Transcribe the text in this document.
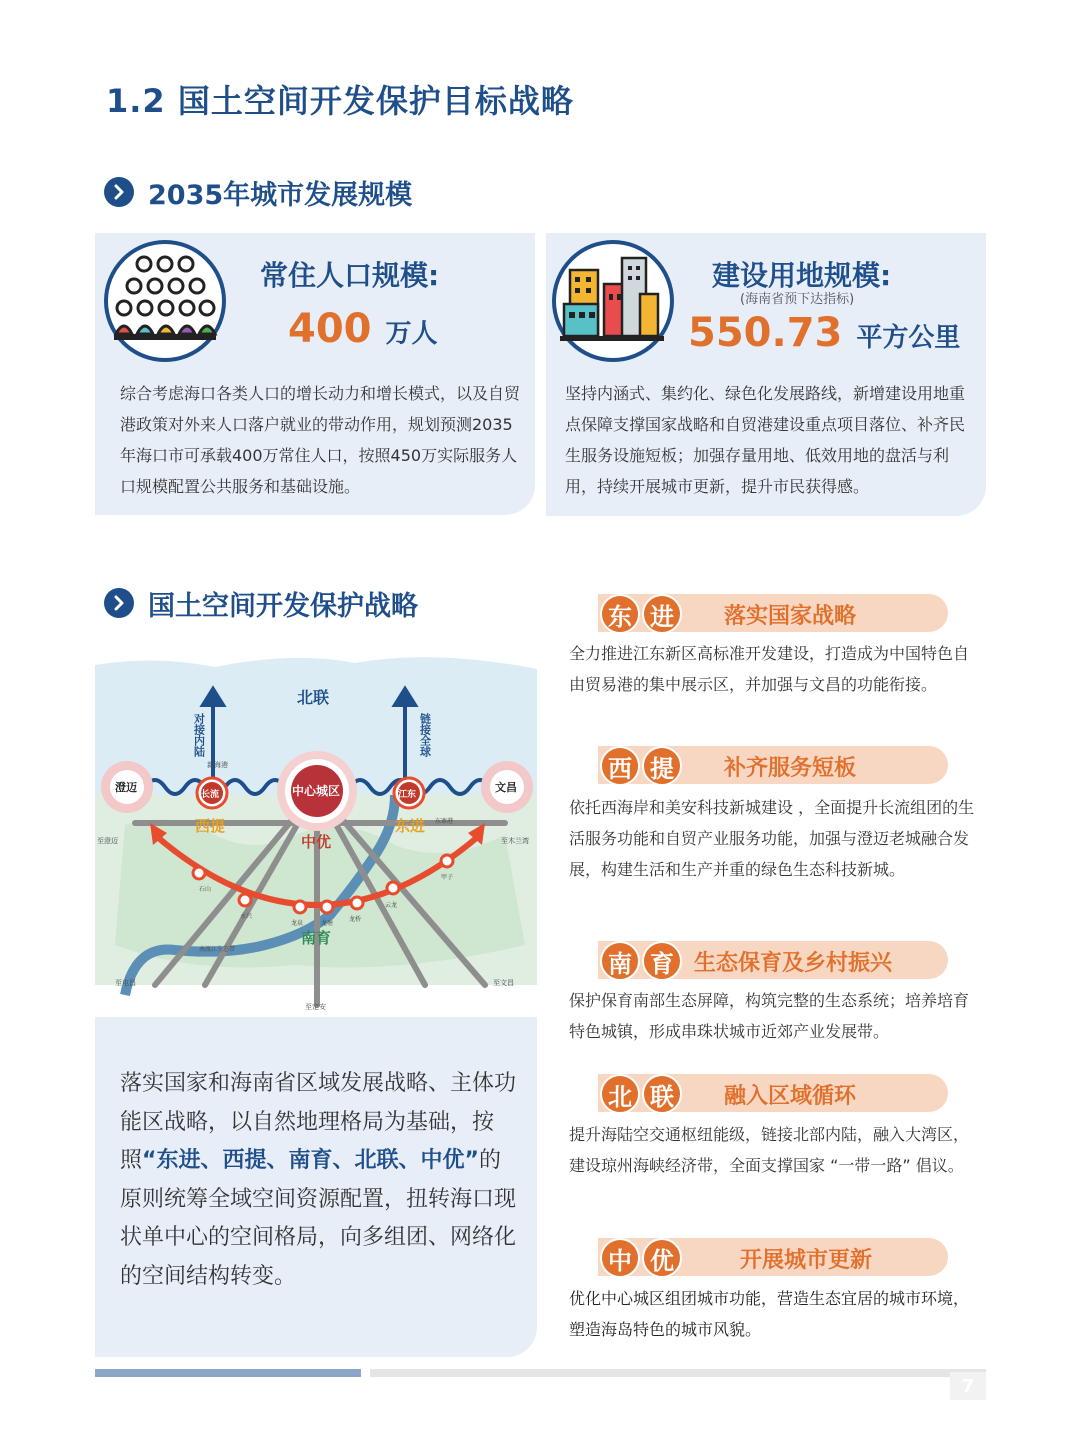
1.2 国土空间开发保护目标战略
2035年城市发展规模
常住人口规模:
400 万人
综合考虑海口各类人口的增长动力和增长模式，以及自贸港政策对外来人口落户就业的带动作用，规划预测2035年海口市可承载400万常住人口，按照450万实际服务人口规模配置公共服务和基础设施。
建设用地规模:
(海南省预下达指标)
550.73 平方公里
坚持内涵式、集约化、绿色化发展路线，新增建设用地重点保障支撑国家战略和自贸港建设重点项目落位、补齐民生服务设施短板；加强存量用地、低效用地的盘活与利用，持续开展城市更新，提升市民获得感。
国土空间开发保护战略
对接内陆	链接全球
北联
新海港
澄迈	文昌
长流	江东
中心城区
西提	东进
中优
南育
至澄迈	至木兰湾
至屯昌	至文昌
至定安
南渡江生态带
东寨港
石山
永兴
龙泉	龙塘
龙桥
云龙
甲子
落实国家和海南省区域发展战略、主体功能区战略，以自然地理格局为基础，按照“东进、西提、南育、北联、中优”的原则统筹全域空间资源配置，扭转海口现状单中心的空间格局，向多组团、网络化的空间结构转变。
东 进	落实国家战略
全力推进江东新区高标准开发建设，打造成为中国特色自由贸易港的集中展示区，并加强与文昌的功能衔接。
西 提	补齐服务短板
依托西海岸和美安科技新城建设 ，全面提升长流组团的生活服务功能和自贸产业服务功能，加强与澄迈老城融合发展，构建生活和生产并重的绿色生态科技新城。
南 育 生态保育及乡村振兴
保护保育南部生态屏障，构筑完整的生态系统；培养培育特色城镇，形成串珠状城市近郊产业发展带。
北 联	融入区域循环
提升海陆空交通枢纽能级，链接北部内陆，融入大湾区，建设琼州海峡经济带，全面支撑国家 “一带一路” 倡议。
中 优	开展城市更新
优化中心城区组团城市功能，营造生态宜居的城市环境，塑造海岛特色的城市风貌。
7
